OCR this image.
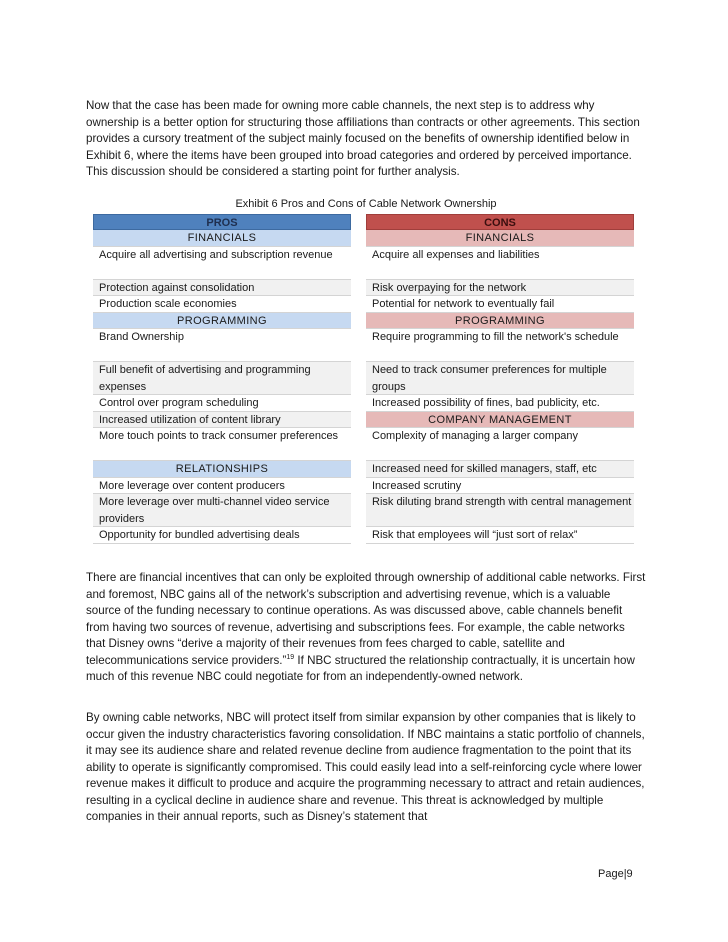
Now that the case has been made for owning more cable channels, the next step is to address why ownership is a better option for structuring those affiliations than contracts or other agreements. This section provides a cursory treatment of the subject mainly focused on the benefits of ownership identified below in Exhibit 6, where the items have been grouped into broad categories and ordered by perceived importance. This discussion should be considered a starting point for further analysis.

Exhibit 6 Pros and Cons of Cable Network Ownership
PROS
FINANCIALS
Acquire all advertising and subscription revenue
Protection against consolidation
Production scale economies
PROGRAMMING
Brand Ownership
Full benefit of advertising and programming expenses
Control over program scheduling
Increased utilization of content library
More touch points to track consumer preferences
RELATIONSHIPS
More leverage over content producers
More leverage over multi-channel video service providers
Opportunity for bundled advertising deals
CONS
FINANCIALS
Acquire all expenses and liabilities
Risk overpaying for the network
Potential for network to eventually fail
PROGRAMMING
Require programming to fill the network's schedule
Need to track consumer preferences for multiple groups
Increased possibility of fines, bad publicity, etc.
COMPANY MANAGEMENT
Complexity of managing a larger company
Increased need for skilled managers, staff, etc
Increased scrutiny
Risk diluting brand strength with central management
Risk that employees will “just sort of relax”

There are financial incentives that can only be exploited through ownership of additional cable networks. First and foremost, NBC gains all of the network’s subscription and advertising revenue, which is a valuable source of the funding necessary to continue operations. As was discussed above, cable channels benefit from having two sources of revenue, advertising and subscriptions fees. For example, the cable networks that Disney owns “derive a majority of their revenues from fees charged to cable, satellite and telecommunications service providers.”$^{19}$ If NBC structured the relationship contractually, it is uncertain how much of this revenue NBC could negotiate for from an independently-owned network.

By owning cable networks, NBC will protect itself from similar expansion by other companies that is likely to occur given the industry characteristics favoring consolidation. If NBC maintains a static portfolio of channels, it may see its audience share and related revenue decline from audience fragmentation to the point that its ability to operate is significantly compromised. This could easily lead into a self-reinforcing cycle where lower revenue makes it difficult to produce and acquire the programming necessary to attract and retain audiences, resulting in a cyclical decline in audience share and revenue. This threat is acknowledged by multiple companies in their annual reports, such as Disney’s statement that

Page|9
